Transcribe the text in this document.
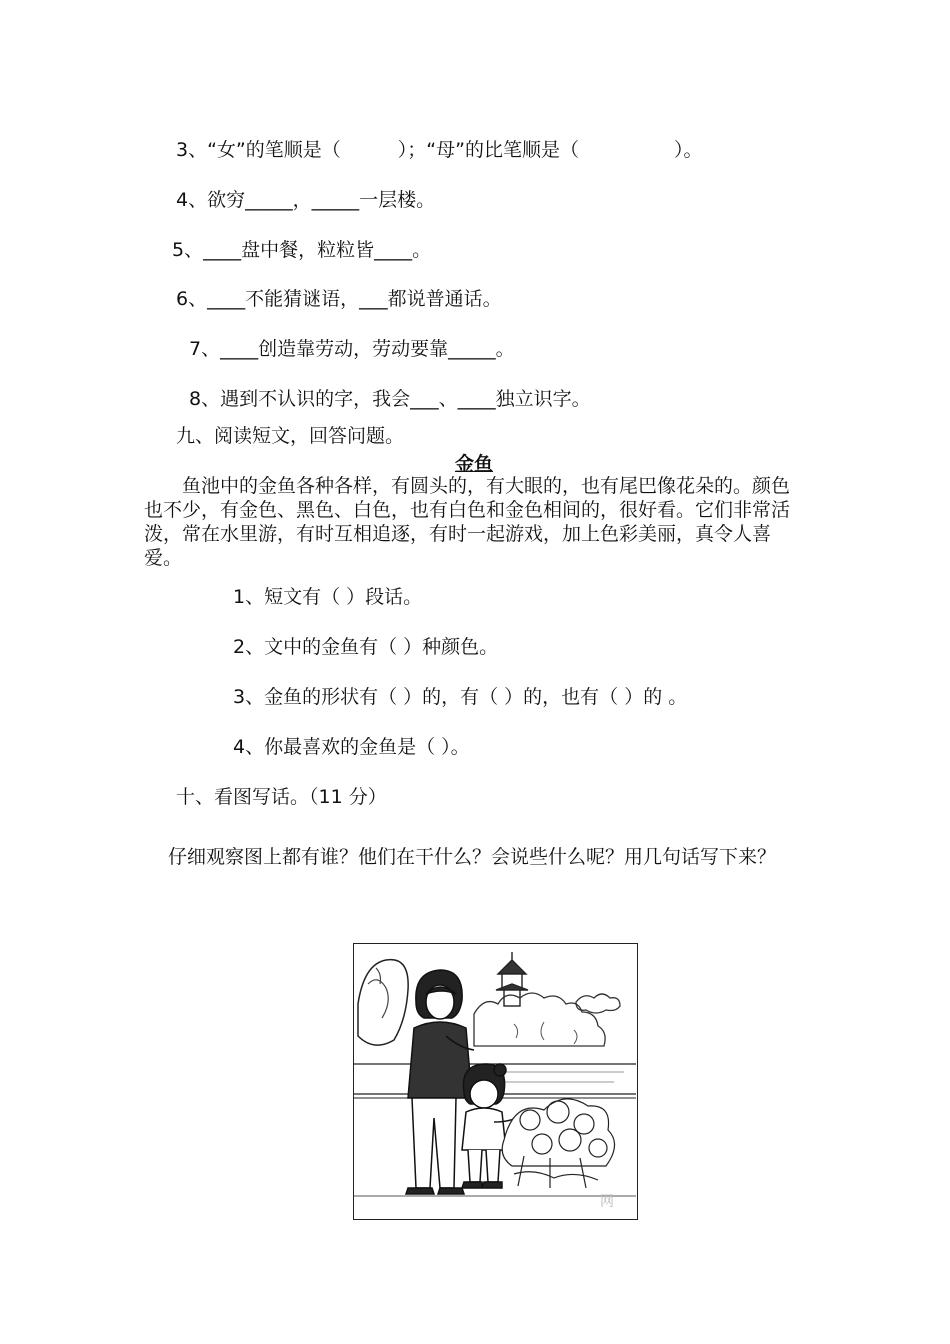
3、“女”的笔顺是（　　　）；“母”的比笔顺是（　　　　　）。
4、欲穷_____，_____一层楼。
5、____盘中餐，粒粒皆____。
6、____不能猜谜语，___都说普通话。
7、____创造靠劳动，劳动要靠_____。
8、遇到不认识的字，我会___、____独立识字。
九、阅读短文，回答问题。
金鱼
鱼池中的金鱼各种各样，有圆头的，有大眼的，也有尾巴像花朵的。颜色也不少，有金色、黑色、白色，也有白色和金色相间的，很好看。它们非常活泼，常在水里游，有时互相追逐，有时一起游戏，加上色彩美丽，真令人喜爱。
1、短文有（ ）段话。
2、文中的金鱼有（ ）种颜色。
3、金鱼的形状有（ ）的，有（ ）的，也有（ ）的 。
4、你最喜欢的金鱼是（ ）。
十、看图写话。（11 分）
仔细观察图上都有谁？他们在干什么？会说些什么呢？用几句话写下来？
网
